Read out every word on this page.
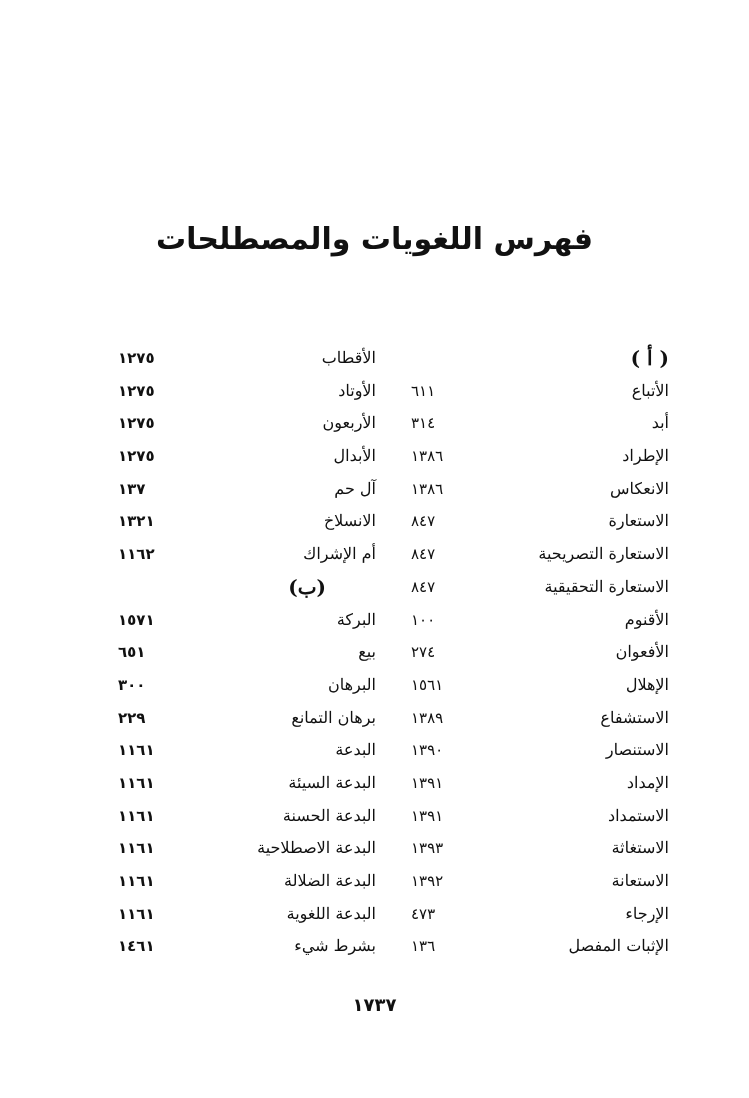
فهرس اللغويات والمصطلحات
( أ )
الأتباع
٦١١
أبد
٣١٤
الإطراد
١٣٨٦
الانعكاس
١٣٨٦
الاستعارة
٨٤٧
الاستعارة التصريحية
٨٤٧
الاستعارة التحقيقية
٨٤٧
الأقنوم
١٠٠
الأفعوان
٢٧٤
الإهلال
١٥٦١
الاستشفاع
١٣٨٩
الاستنصار
١٣٩٠
الإمداد
١٣٩١
الاستمداد
١٣٩١
الاستغاثة
١٣٩٣
الاستعانة
١٣٩٢
الإرجاء
٤٧٣
الإثبات المفصل
١٣٦
الأقطاب
١٢٧٥
الأوتاد
١٢٧٥
الأربعون
١٢٧٥
الأبدال
١٢٧٥
آل حم
١٣٧
الانسلاخ
١٣٢١
أم الإشراك
١١٦٢
(ب)
البركة
١٥٧١
بيع
٦٥١
البرهان
٣٠٠
برهان التمانع
٢٢٩
البدعة
١١٦١
البدعة السيئة
١١٦١
البدعة الحسنة
١١٦١
البدعة الاصطلاحية
١١٦١
البدعة الضلالة
١١٦١
البدعة اللغوية
١١٦١
بشرط شيء
١٤٦١
١٧٣٧
